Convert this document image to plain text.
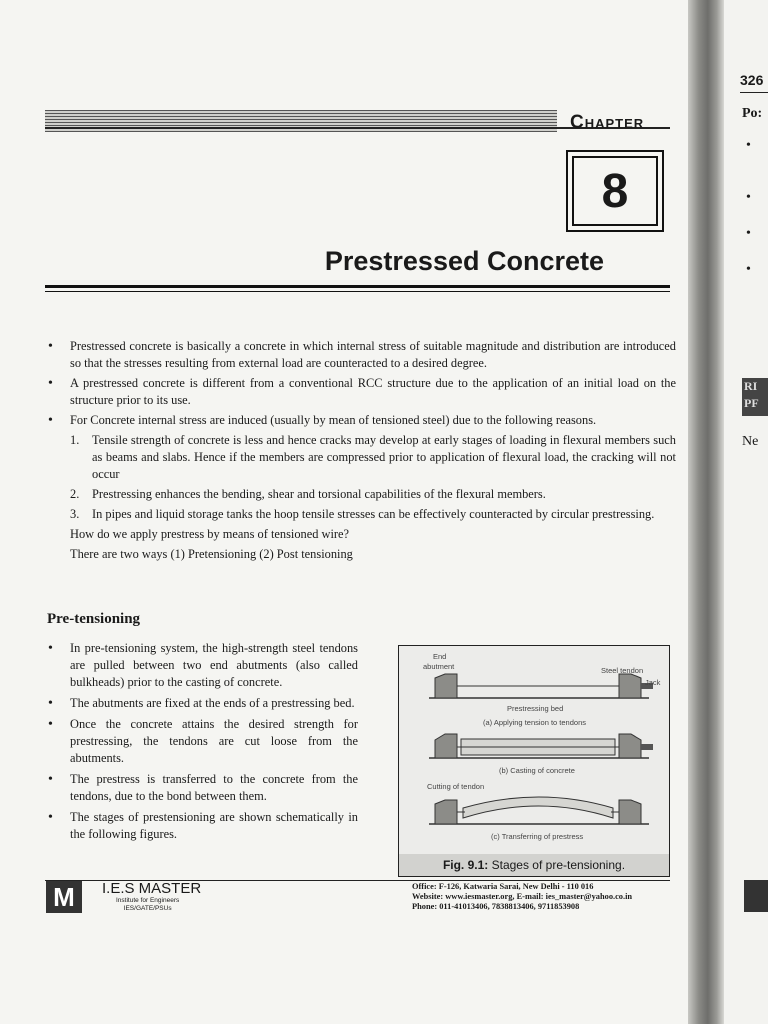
Chapter
8
Prestressed Concrete
• Prestressed concrete is basically a concrete in which internal stress of suitable magnitude and distribution are introduced so that the stresses resulting from external load are counteracted to a desired degree.
• A prestressed concrete is different from a conventional RCC structure due to the application of an initial load on the structure prior to its use.
• For Concrete internal stress are induced (usually by mean of tensioned steel) due to the following reasons.
1. Tensile strength of concrete is less and hence cracks may develop at early stages of loading in flexural members such as beams and slabs. Hence if the members are compressed prior to application of flexural load, the cracking will not occur
2. Prestressing enhances the bending, shear and torsional capabilities of the flexural members.
3. In pipes and liquid storage tanks the hoop tensile stresses can be effectively counteracted by circular prestressing.
How do we apply prestress by means of tensioned wire?
There are two ways (1) Pretensioning (2) Post tensioning
Pre-tensioning
• In pre-tensioning system, the high-strength steel tendons are pulled between two end abutments (also called bulkheads) prior to the casting of concrete.
• The abutments are fixed at the ends of a prestressing bed.
• Once the concrete attains the desired strength for prestressing, the tendons are cut loose from the abutments.
• The prestress is transferred to the concrete from the tendons, due to the bond between them.
• The stages of prestensioning are shown schematically in the following figures.
End
abutment	Steel tendon
Jack
Prestressing bed
(a) Applying tension to tendons
(b) Casting of concrete
Cutting of tendon
(c) Transferring of prestress
Fig. 9.1: Stages of pre-tensioning.
M	I.E.S MASTER
Institute for Engineers
IES/GATE/PSUs
Office: F-126, Katwaria Sarai, New Delhi - 110 016
Website: www.iesmaster.org, E-mail: ies_master@yahoo.co.in
Phone: 011-41013406, 7838813406, 9711853908
326
Po:
•
•
•
•
RI PF
Ne
